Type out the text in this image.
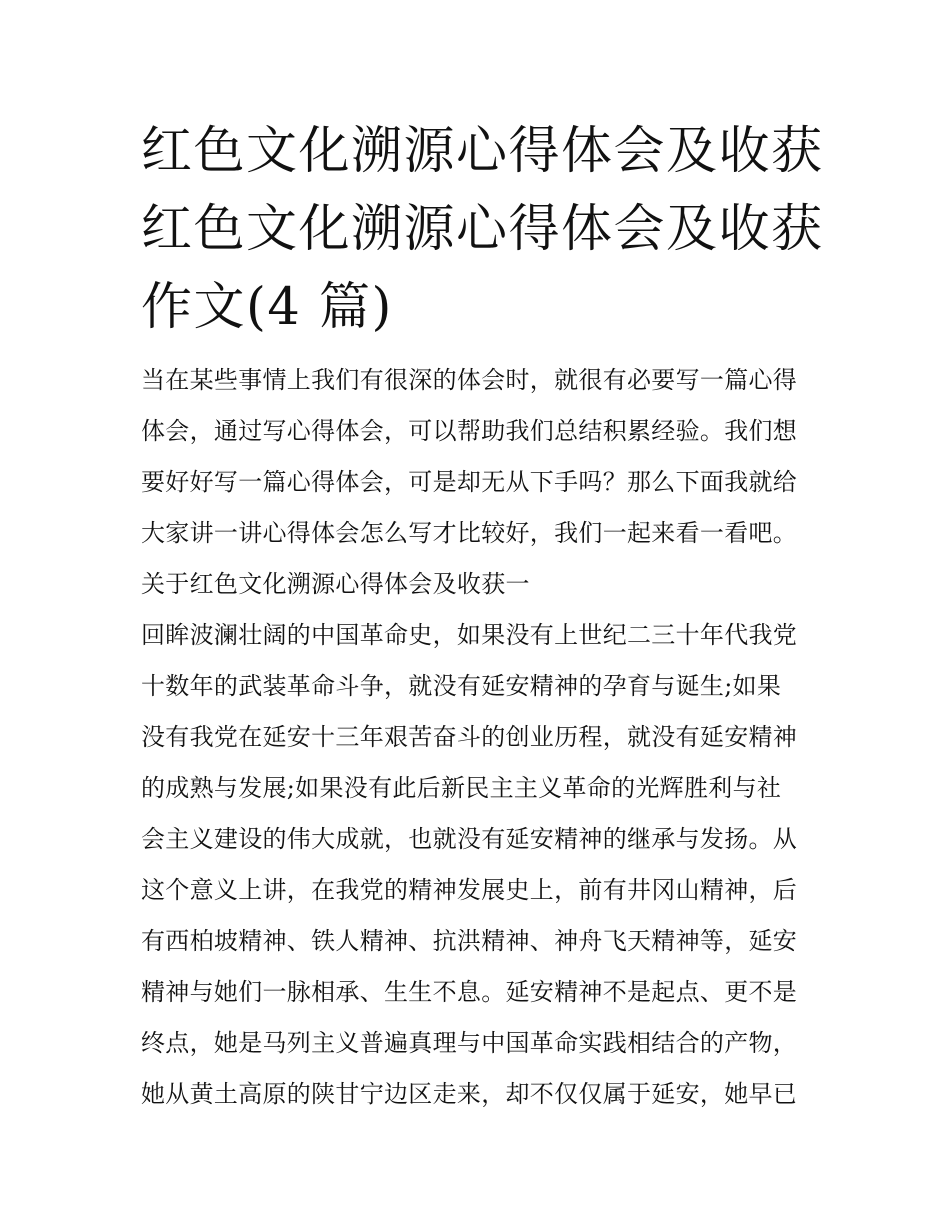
红色文化溯源心得体会及收获
红色文化溯源心得体会及收获
作文(4 篇)
当在某些事情上我们有很深的体会时，就很有必要写一篇心得
体会，通过写心得体会，可以帮助我们总结积累经验。我们想
要好好写一篇心得体会，可是却无从下手吗？那么下面我就给
大家讲一讲心得体会怎么写才比较好，我们一起来看一看吧。
关于红色文化溯源心得体会及收获一
回眸波澜壮阔的中国革命史，如果没有上世纪二三十年代我党
十数年的武装革命斗争，就没有延安精神的孕育与诞生;如果
没有我党在延安十三年艰苦奋斗的创业历程，就没有延安精神
的成熟与发展;如果没有此后新民主主义革命的光辉胜利与社
会主义建设的伟大成就，也就没有延安精神的继承与发扬。从
这个意义上讲，在我党的精神发展史上，前有井冈山精神，后
有西柏坡精神、铁人精神、抗洪精神、神舟飞天精神等，延安
精神与她们一脉相承、生生不息。延安精神不是起点、更不是
终点，她是马列主义普遍真理与中国革命实践相结合的产物，
她从黄土高原的陕甘宁边区走来，却不仅仅属于延安，她早已
